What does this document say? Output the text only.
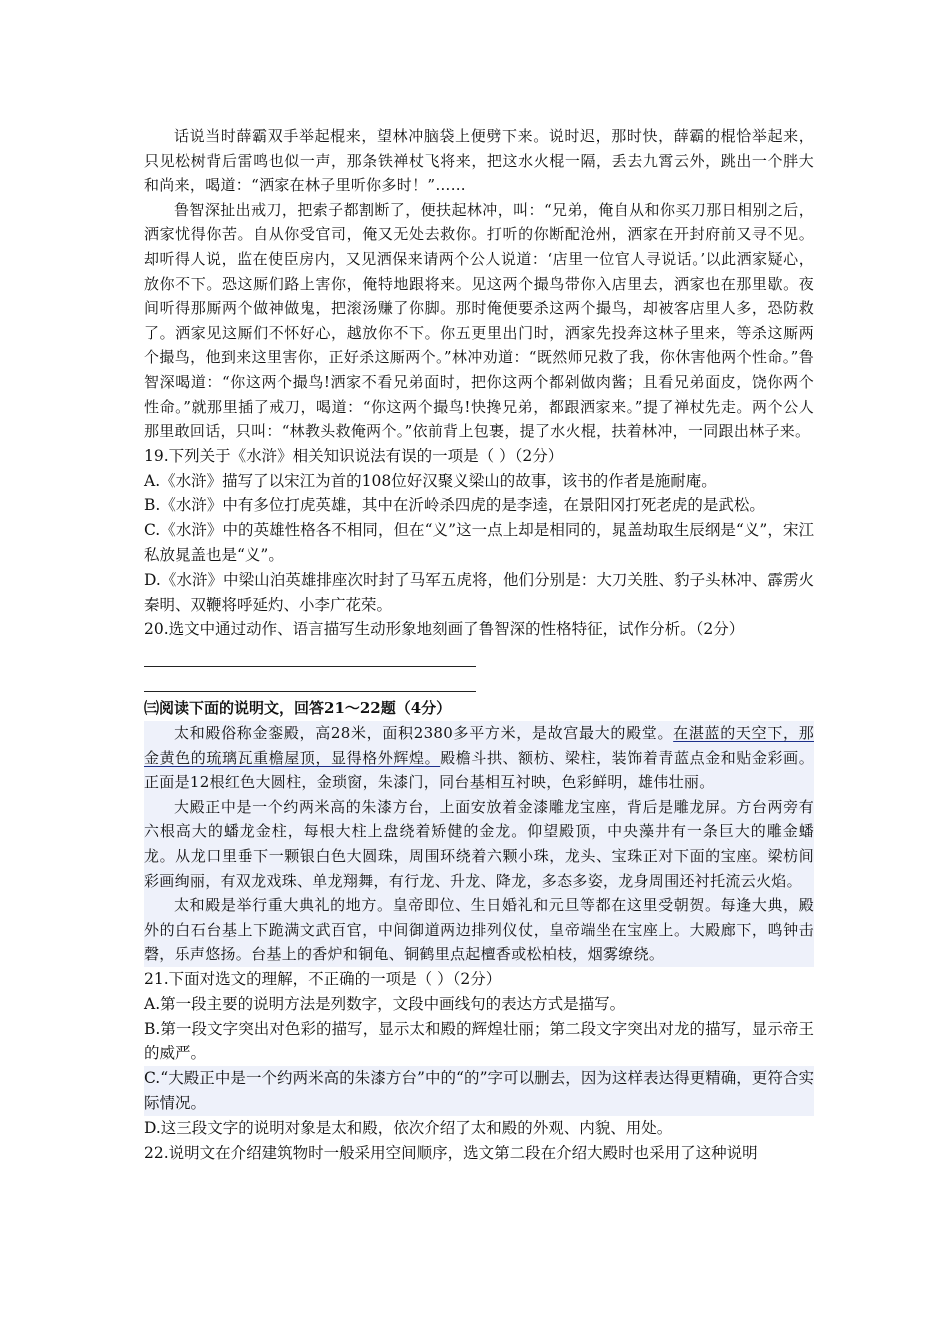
话说当时薛霸双手举起棍来，望林冲脑袋上便劈下来。说时迟，那时快，薛霸的棍恰举起来，只见松树背后雷鸣也似一声，那条铁禅杖飞将来，把这水火棍一隔，丢去九霄云外，跳出一个胖大和尚来，喝道：“洒家在林子里听你多时！”……

鲁智深扯出戒刀，把索子都割断了，便扶起林冲，叫：“兄弟，俺自从和你买刀那日相别之后，洒家忧得你苦。自从你受官司，俺又无处去救你。打听的你断配沧州，洒家在开封府前又寻不见。却听得人说，监在使臣房内，又见洒保来请两个公人说道：‘店里一位官人寻说话。’以此洒家疑心，放你不下。恐这厮们路上害你，俺特地跟将来。见这两个撮鸟带你入店里去，洒家也在那里歇。夜间听得那厮两个做神做鬼，把滚汤赚了你脚。那时俺便要杀这两个撮鸟，却被客店里人多，恐防救了。洒家见这厮们不怀好心，越放你不下。你五更里出门时，洒家先投奔这林子里来，等杀这厮两个撮鸟，他到来这里害你，正好杀这厮两个。”林冲劝道：“既然师兄救了我，你休害他两个性命。”鲁智深喝道：“你这两个撮鸟!洒家不看兄弟面时，把你这两个都剁做肉酱；且看兄弟面皮，饶你两个性命。”就那里插了戒刀，喝道：“你这两个撮鸟!快搀兄弟，都跟洒家来。”提了禅杖先走。两个公人那里敢回话，只叫：“林教头救俺两个。”依前背上包裹，提了水火棍，扶着林冲，一同跟出林子来。

19.下列关于《水浒》相关知识说法有误的一项是（ ）（2分）

A.《水浒》描写了以宋江为首的108位好汉聚义梁山的故事，该书的作者是施耐庵。

B.《水浒》中有多位打虎英雄，其中在沂岭杀四虎的是李逵，在景阳冈打死老虎的是武松。

C.《水浒》中的英雄性格各不相同，但在“义”这一点上却是相同的，晁盖劫取生辰纲是“义”，宋江私放晁盖也是“义”。

D.《水浒》中梁山泊英雄排座次时封了马军五虎将，他们分别是：大刀关胜、豹子头林冲、霹雳火秦明、双鞭将呼延灼、小李广花荣。

20.选文中通过动作、语言描写生动形象地刻画了鲁智深的性格特征，试作分析。（2分）

㈢阅读下面的说明文，回答21～22题（4分）

太和殿俗称金銮殿，高28米，面积2380多平方米，是故宫最大的殿堂。在湛蓝的天空下，那金黄色的琉璃瓦重檐屋顶，显得格外辉煌。殿檐斗拱、额枋、梁柱，装饰着青蓝点金和贴金彩画。正面是12根红色大圆柱，金琐窗，朱漆门，同台基相互衬映，色彩鲜明，雄伟壮丽。

大殿正中是一个约两米高的朱漆方台，上面安放着金漆雕龙宝座，背后是雕龙屏。方台两旁有六根高大的蟠龙金柱，每根大柱上盘绕着矫健的金龙。仰望殿顶，中央藻井有一条巨大的雕金蟠龙。从龙口里垂下一颗银白色大圆珠，周围环绕着六颗小珠，龙头、宝珠正对下面的宝座。梁枋间彩画绚丽，有双龙戏珠、单龙翔舞，有行龙、升龙、降龙，多态多姿，龙身周围还衬托流云火焰。

太和殿是举行重大典礼的地方。皇帝即位、生日婚礼和元旦等都在这里受朝贺。每逢大典，殿外的白石台基上下跪满文武百官，中间御道两边排列仪仗，皇帝端坐在宝座上。大殿廊下，鸣钟击磬，乐声悠扬。台基上的香炉和铜龟、铜鹤里点起檀香或松柏枝，烟雾缭绕。

21.下面对选文的理解，不正确的一项是（ ）（2分）

A.第一段主要的说明方法是列数字，文段中画线句的表达方式是描写。

B.第一段文字突出对色彩的描写，显示太和殿的辉煌壮丽；第二段文字突出对龙的描写，显示帝王的威严。

C.“大殿正中是一个约两米高的朱漆方台”中的“的”字可以删去，因为这样表达得更精确，更符合实际情况。

D.这三段文字的说明对象是太和殿，依次介绍了太和殿的外观、内貌、用处。

22.说明文在介绍建筑物时一般采用空间顺序，选文第二段在介绍大殿时也采用了这种说明
